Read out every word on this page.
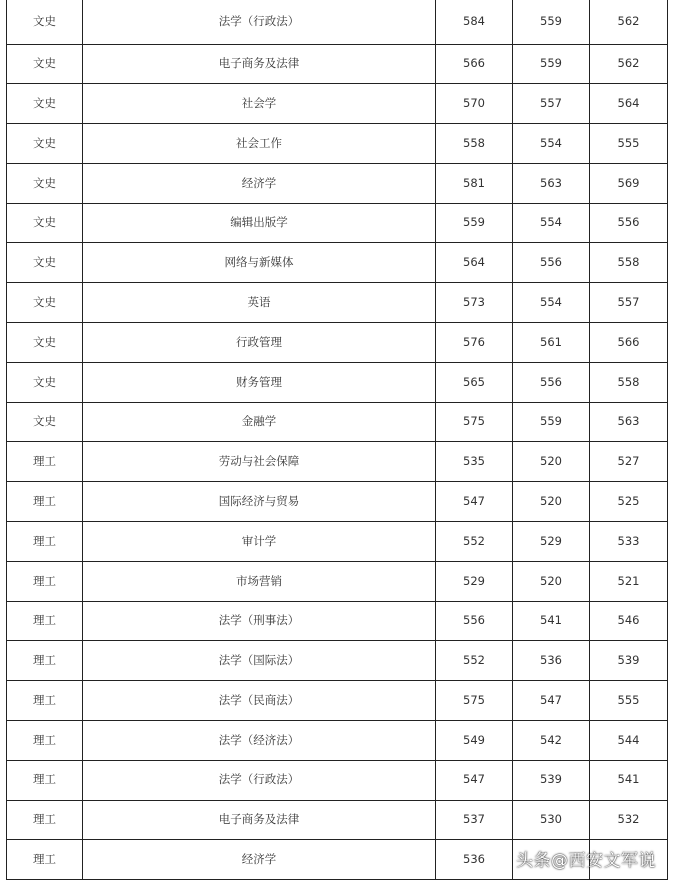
文史	法学（行政法）	584	559	562
文史	电子商务及法律	566	559	562
文史	社会学	570	557	564
文史	社会工作	558	554	555
文史	经济学	581	563	569
文史	编辑出版学	559	554	556
文史	网络与新媒体	564	556	558
文史	英语	573	554	557
文史	行政管理	576	561	566
文史	财务管理	565	556	558
文史	金融学	575	559	563
理工	劳动与社会保障	535	520	527
理工	国际经济与贸易	547	520	525
理工	审计学	552	529	533
理工	市场营销	529	520	521
理工	法学（刑事法）	556	541	546
理工	法学（国际法）	552	536	539
理工	法学（民商法）	575	547	555
理工	法学（经济法）	549	542	544
理工	法学（行政法）	547	539	541
理工	电子商务及法律	537	530	532
理工	经济学	536		头条@西安文军说
